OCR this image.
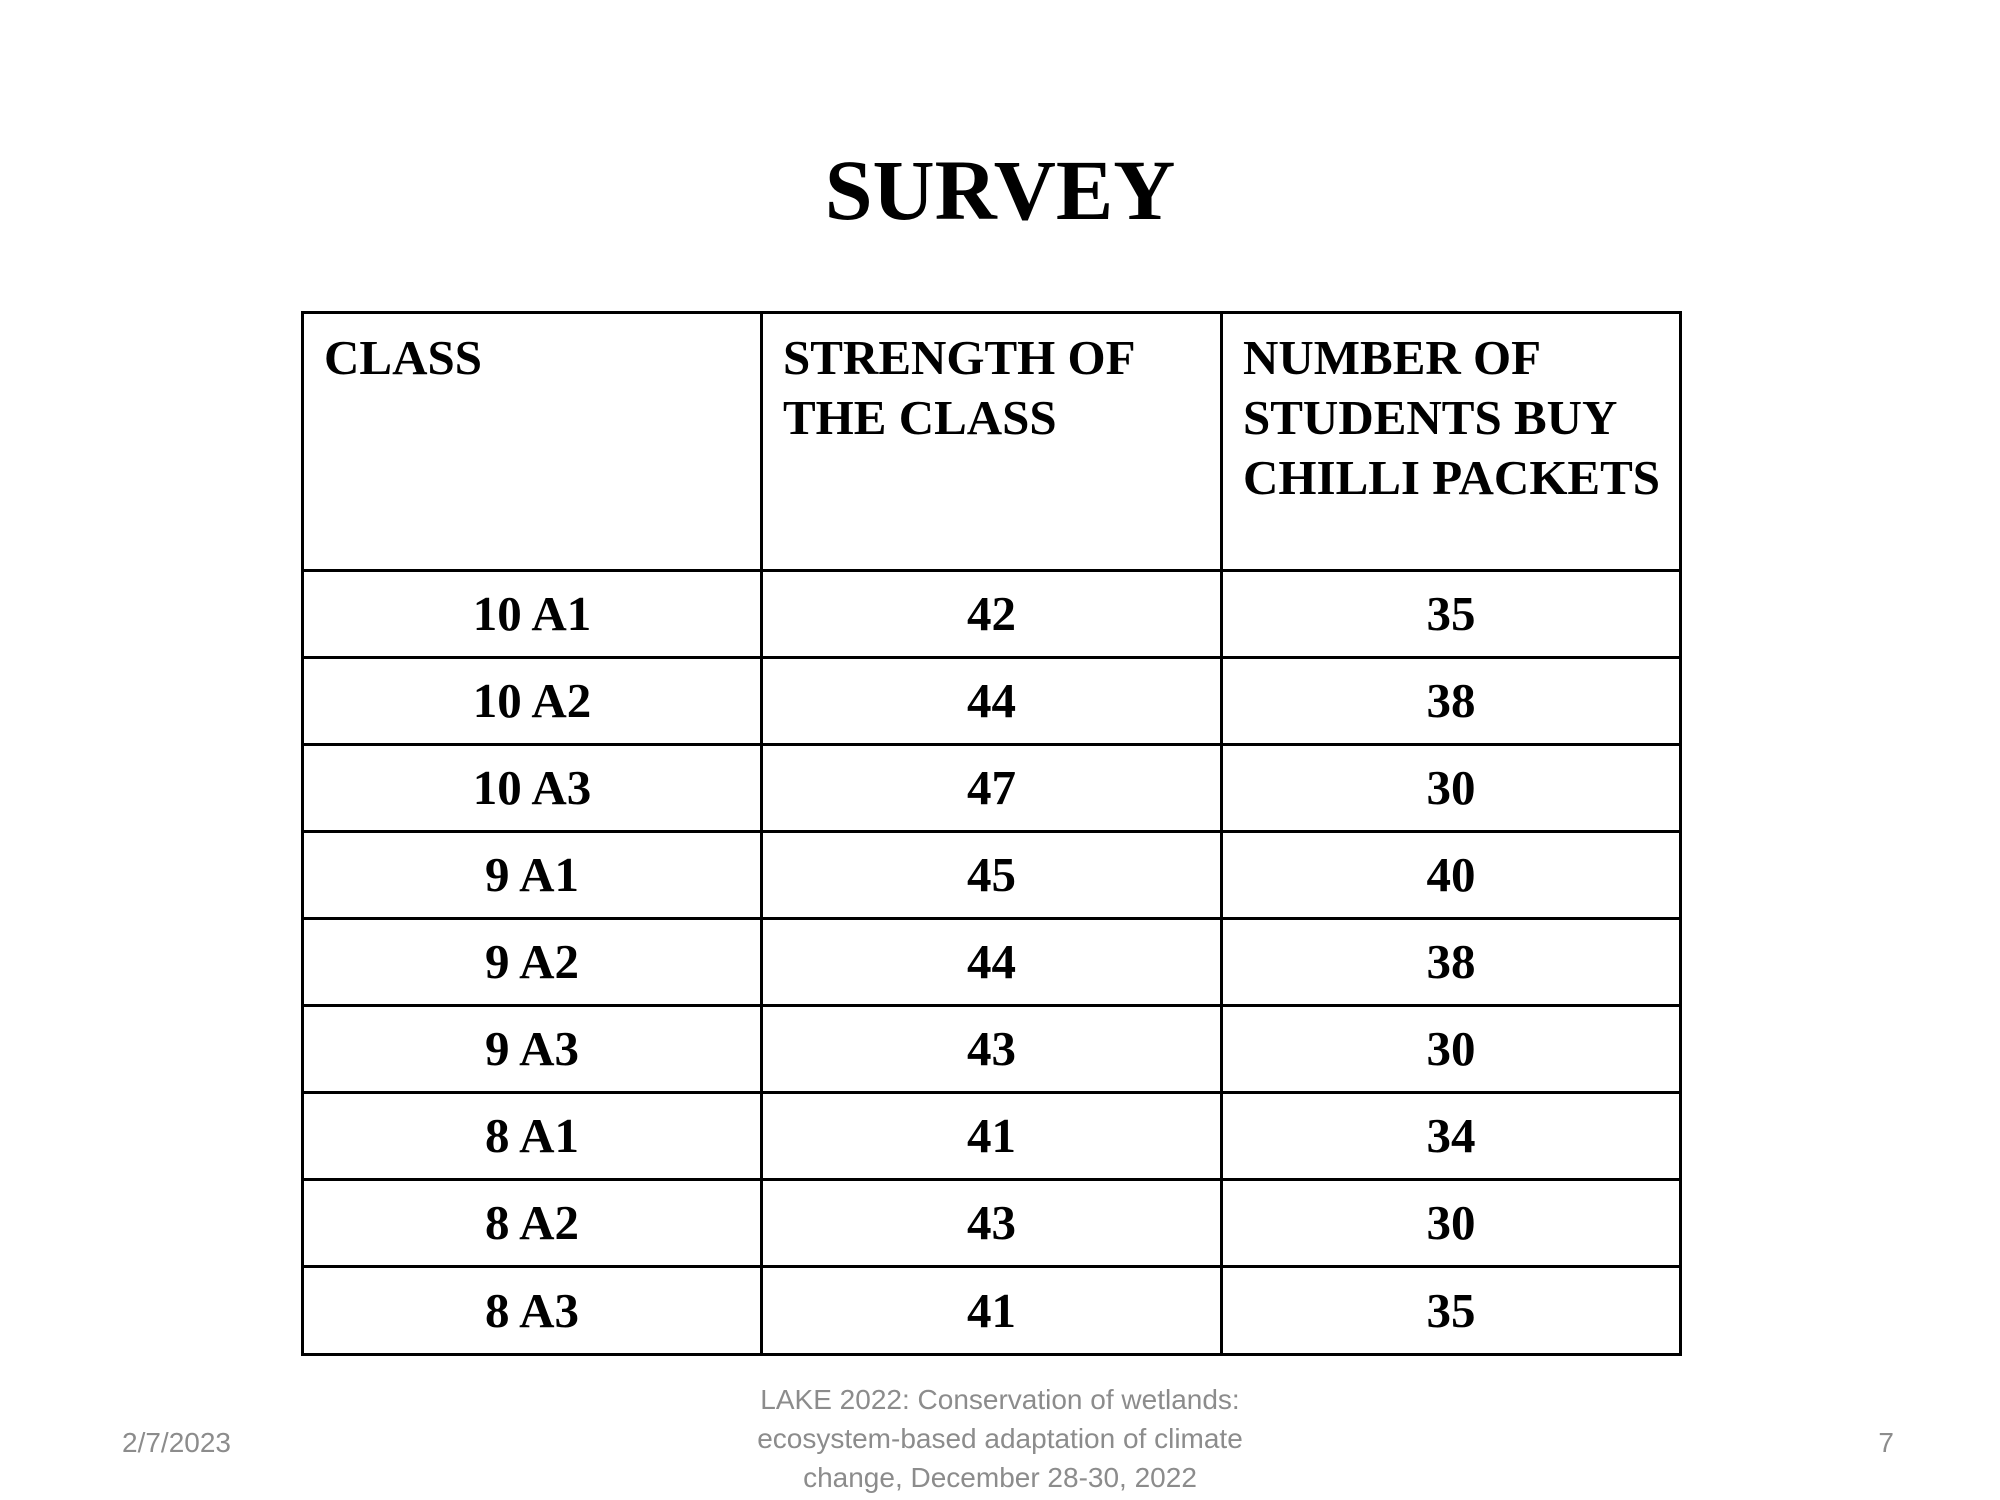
SURVEY
CLASS	STRENGTH OF THE CLASS	NUMBER OF STUDENTS BUY CHILLI PACKETS
10 A1	42	35
10 A2	44	38
10 A3	47	30
9 A1	45	40
9 A2	44	38
9 A3	43	30
8 A1	41	34
8 A2	43	30
8 A3	41	35
2/7/2023
LAKE 2022: Conservation of wetlands:
ecosystem-based adaptation of climate
change, December 28-30, 2022
7
